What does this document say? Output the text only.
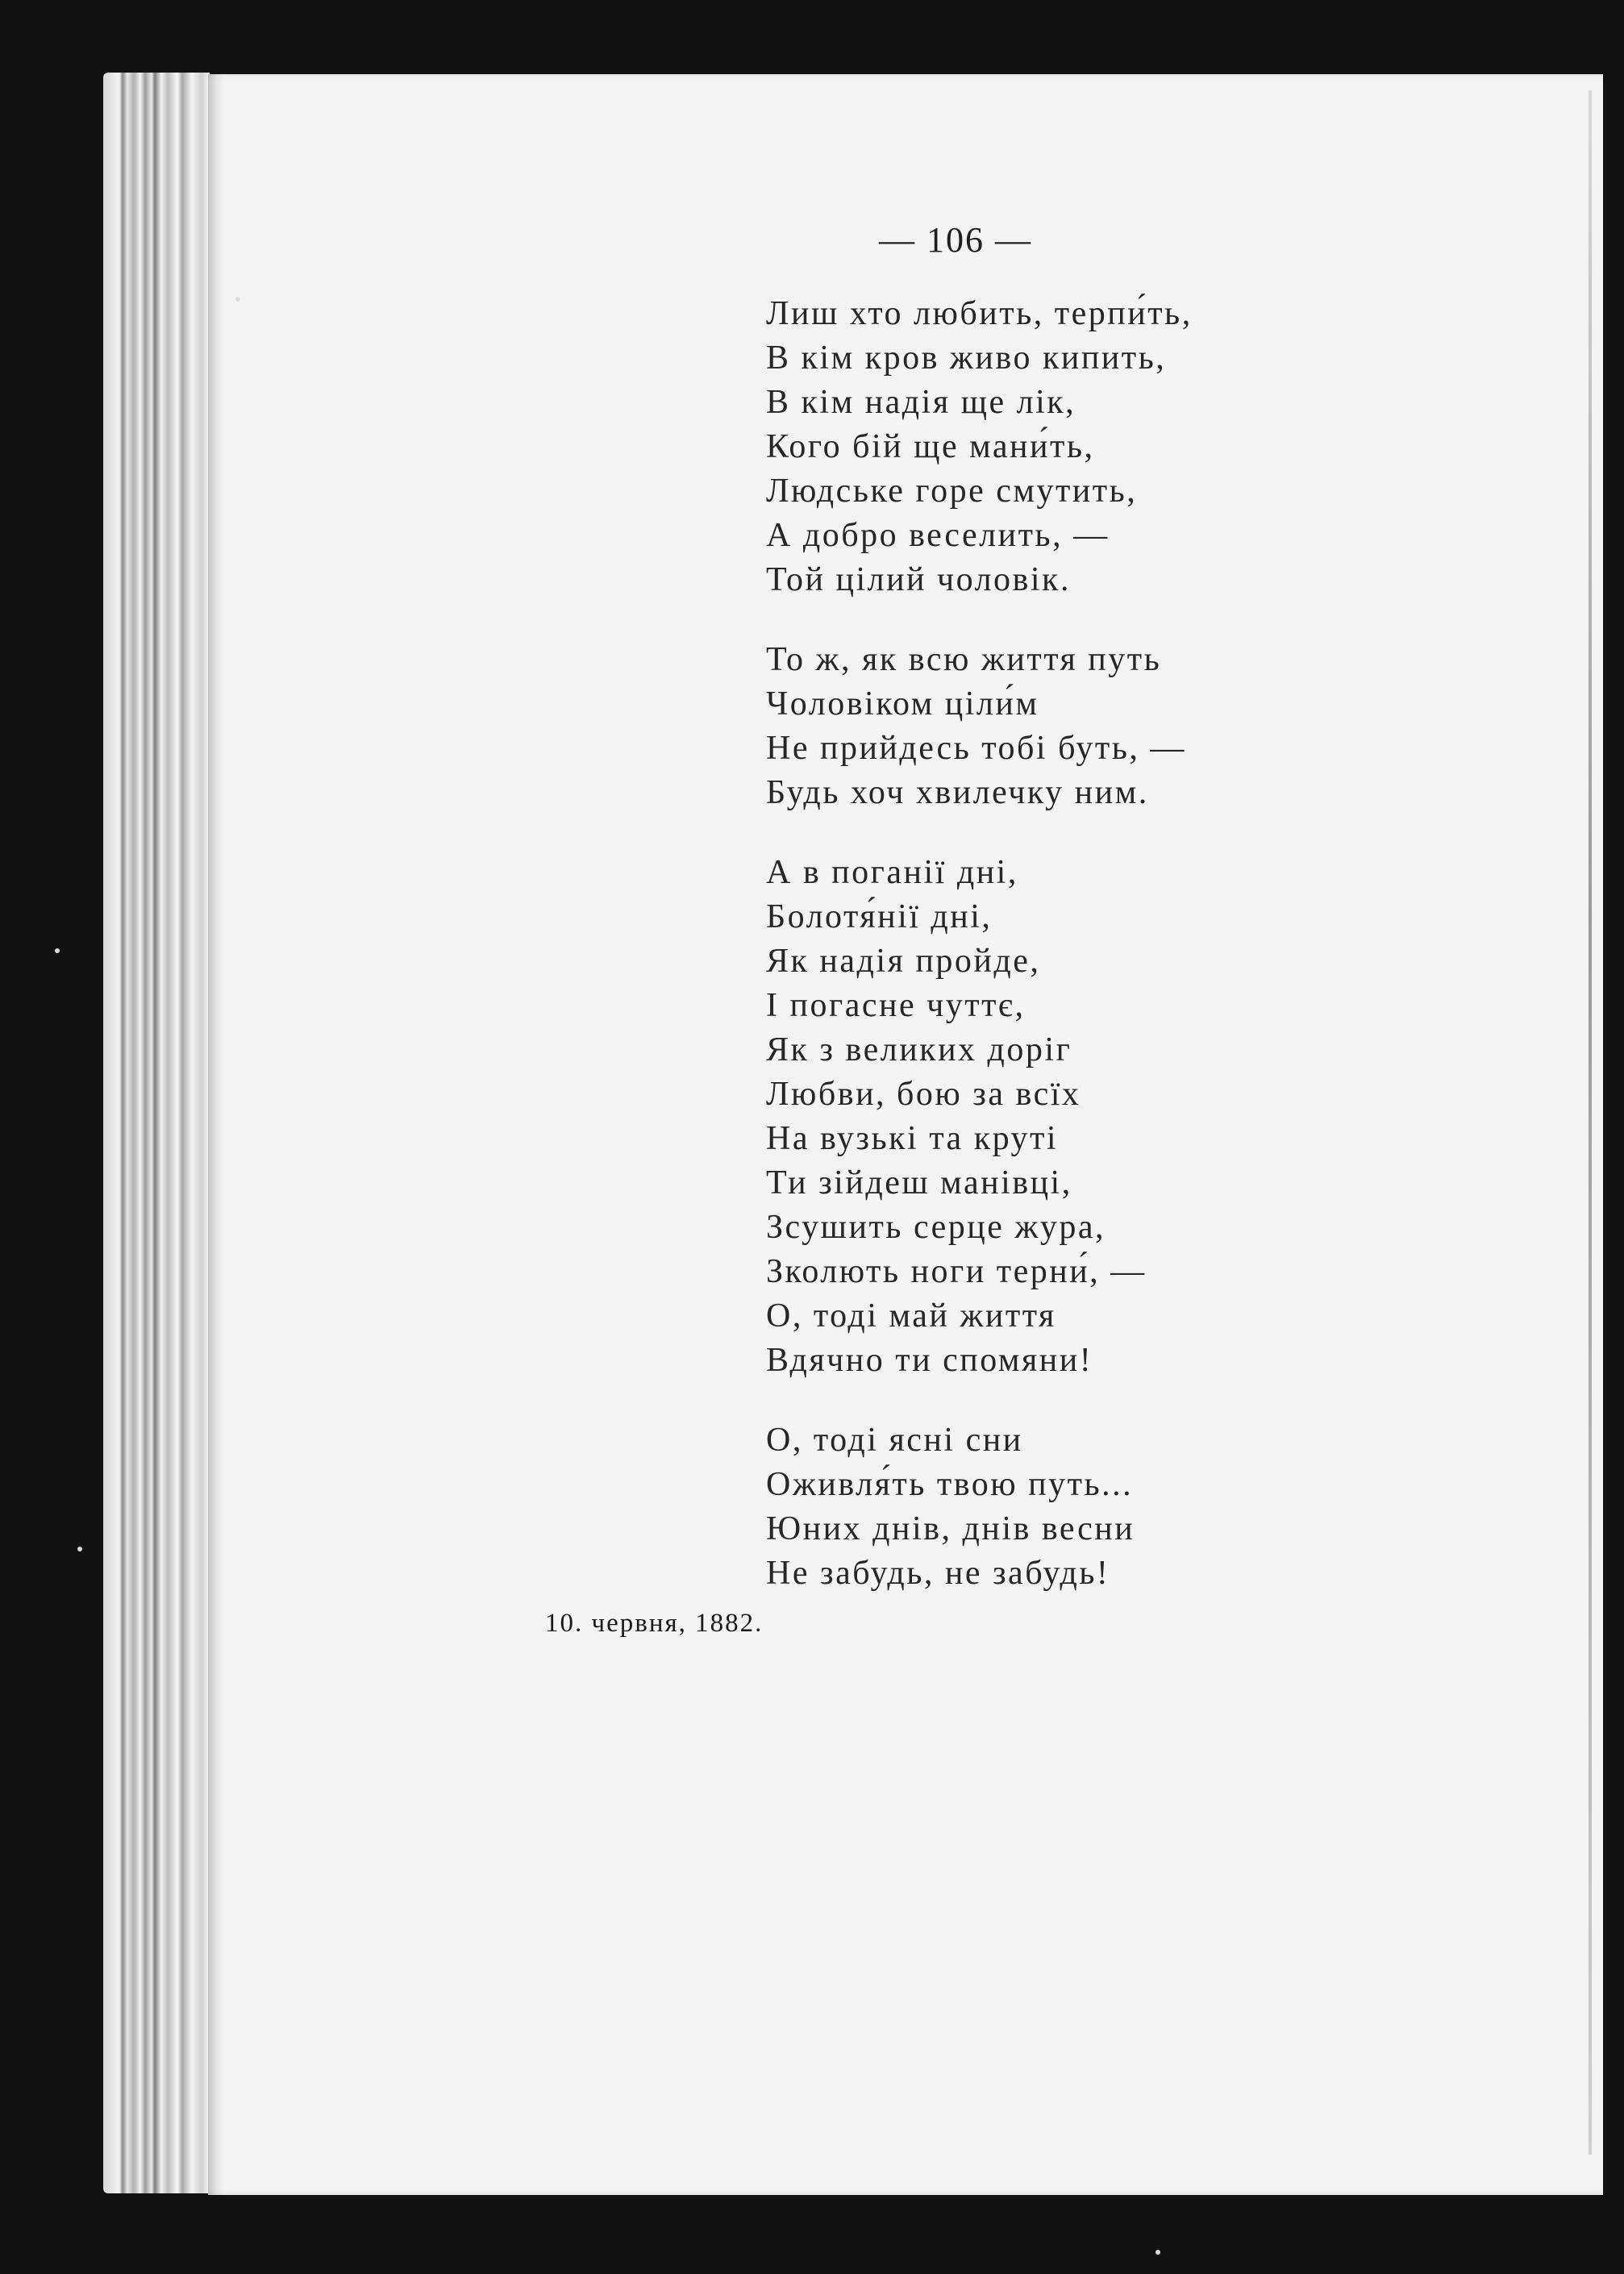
— 106 —
Лиш хто любить, терпи́ть,
В кім кров живо кипить,
В кім надія ще лік,
Кого бій ще мани́ть,
Людське горе смутить,
А добро веселить, —
Той цілий чоловік.
То ж, як всю життя путь
Чоловіком ціли́м
Не прийдесь тобі буть, —
Будь хоч хвилечку ним.
А в поганії дні,
Болотя́нії дні,
Як надія пройде,
І погасне чуттє,
Як з великих доріг
Любви, бою за всїх
На вузькі та круті
Ти зійдеш манівці,
Зсушить серце жура,
Зколють ноги терни́, —
О, тоді май життя
Вдячно ти спомяни!
О, тоді ясні сни
Оживля́ть твою путь...
Юних днів, днів весни
Не забудь, не забудь!
10. червня, 1882.
